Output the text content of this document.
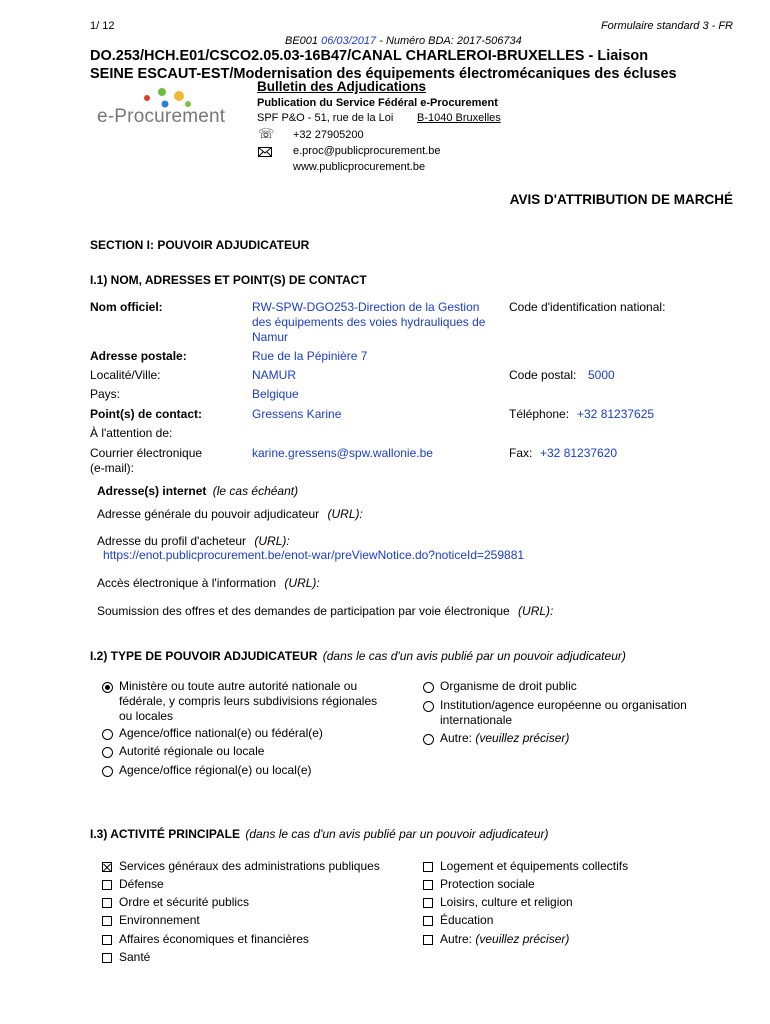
1/ 12	Formulaire standard 3 - FR
BE001 06/03/2017 - Numéro BDA: 2017-506734
DO.253/HCH.E01/CSCO2.05.03-16B47/CANAL CHARLEROI-BRUXELLES - Liaison
SEINE ESCAUT-EST/Modernisation des équipements électromécaniques des écluses
e-Procurement
Bulletin des Adjudications
Publication du Service Fédéral e-Procurement
SPF P&O - 51, rue de la Loi B-1040 Bruxelles
☏ +32 27905200
e.proc@publicprocurement.be
www.publicprocurement.be
AVIS D'ATTRIBUTION DE MARCHÉ
SECTION I: POUVOIR ADJUDICATEUR
I.1) NOM, ADRESSES ET POINT(S) DE CONTACT
Nom officiel:	RW-SPW-DGO253-Direction de la Gestion
des équipements des voies hydrauliques de
Namur
Code d'identification national:
Adresse postale:	Rue de la Pépinière 7
Localité/Ville:	NAMUR	Code postal: 5000
Pays:	Belgique
Point(s) de contact:	Gressens Karine	Téléphone: +32 81237625
À l'attention de:
Courrier électronique
(e-mail):
karine.gressens@spw.wallonie.be	Fax: +32 81237620
Adresse(s) internet (le cas échéant)
Adresse générale du pouvoir adjudicateur (URL):
Adresse du profil d'acheteur (URL):
https://enot.publicprocurement.be/enot-war/preViewNotice.do?noticeId=259881
Accès électronique à l'information (URL):
Soumission des offres et des demandes de participation par voie électronique (URL):
I.2) TYPE DE POUVOIR ADJUDICATEUR (dans le cas d'un avis publié par un pouvoir adjudicateur)
Ministère ou toute autre autorité nationale ou
fédérale, y compris leurs subdivisions régionales
ou locales
Agence/office national(e) ou fédéral(e)
Autorité régionale ou locale
Agence/office régional(e) ou local(e)
Organisme de droit public
Institution/agence européenne ou organisation
internationale
Autre: (veuillez préciser)
I.3) ACTIVITÉ PRINCIPALE (dans le cas d'un avis publié par un pouvoir adjudicateur)
Services généraux des administrations publiques
Défense
Ordre et sécurité publics
Environnement
Affaires économiques et financières
Santé
Logement et équipements collectifs
Protection sociale
Loisirs, culture et religion
Éducation
Autre: (veuillez préciser)
